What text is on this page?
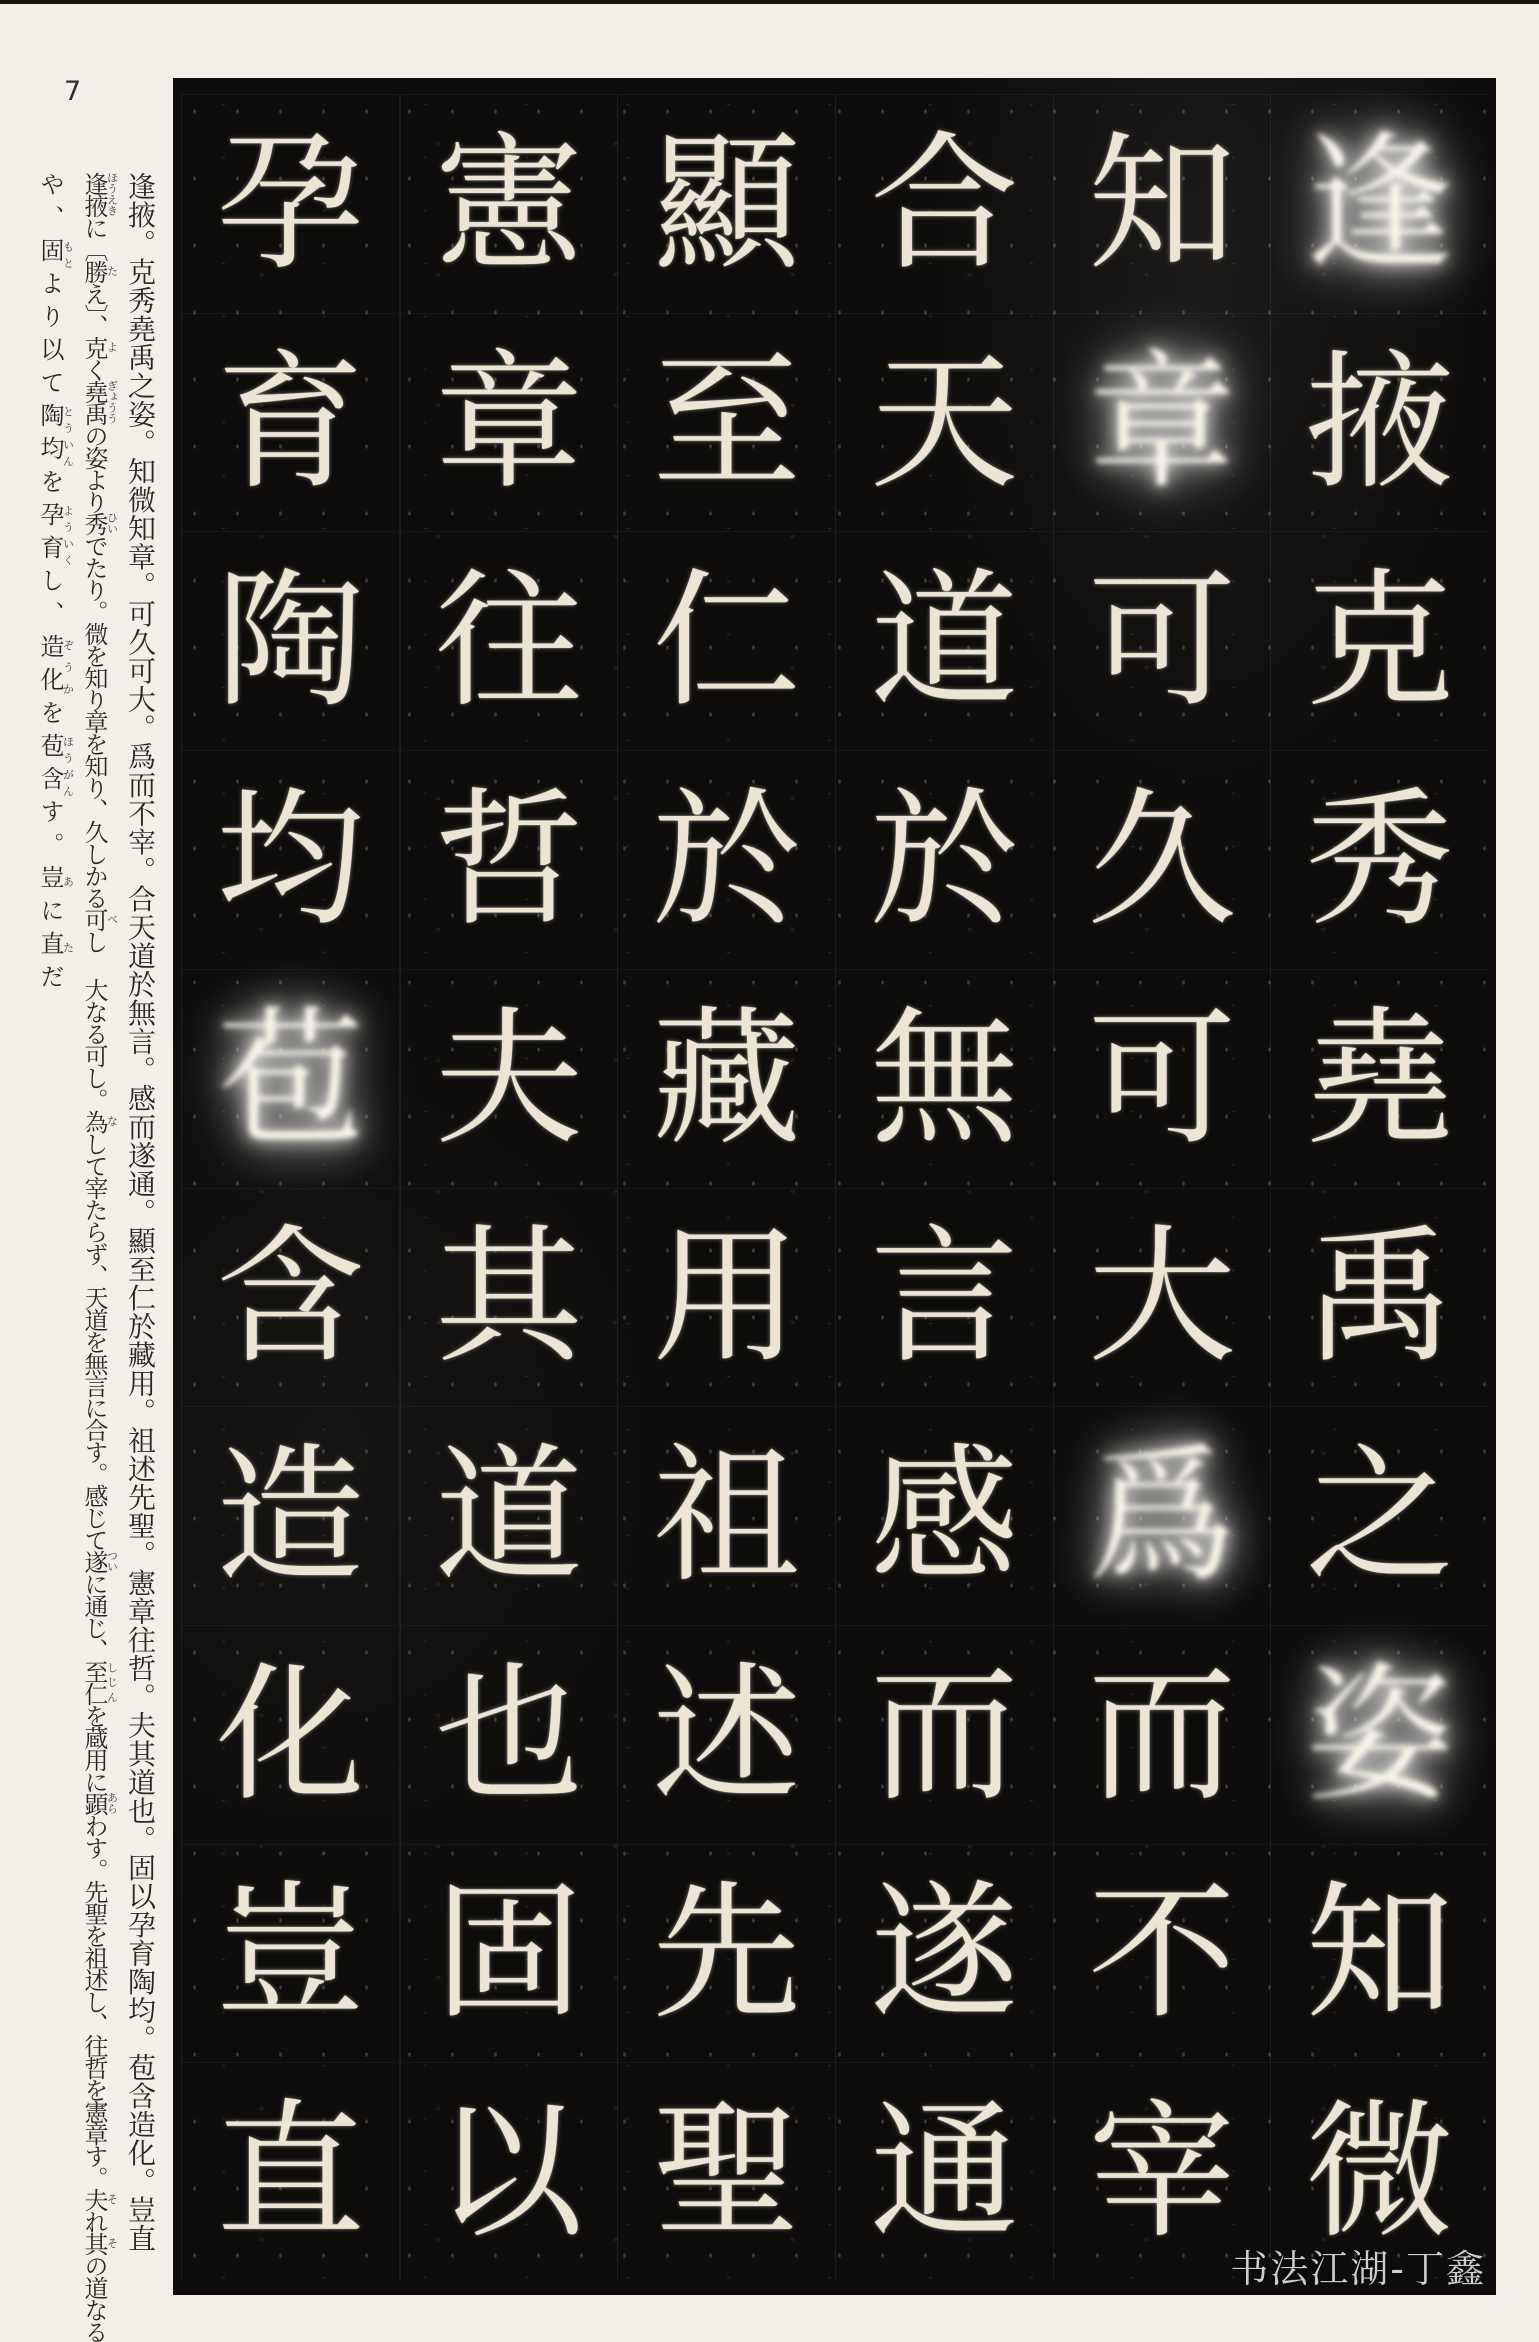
7
逢掖。克秀堯禹之姿。知微知章。可久可大。爲而不宰。合天道於無言。感而遂通。顯至仁於藏用。祖述先聖。憲章往哲。夫其道也。固以孕育陶均。苞含造化。豈直
逢掖ほうえきに〔勝たえ〕、克よく堯禹ぎょううの姿より秀ひいでたり。微を知り章を知り、久しかる可べし 大なる可し。為なして宰たらず、天道を無言に合す。感じて遂ついに通じ、至仁しじんを蔵用に顕あらわす。先聖を祖述し、往哲を憲章す。夫それ其その道なる
や、固もとより以て陶均とういんを孕育よういくし、造化ぞうかを苞含ほうがんす。豈あに直ただ
逢
掖
克
秀
堯
禹
之
姿
知
微
知
章
可
久
可
大
爲
而
不
宰
合
天
道
於
無
言
感
而
遂
通
顯
至
仁
於
藏
用
祖
述
先
聖
憲
章
往
哲
夫
其
道
也
固
以
孕
育
陶
均
苞
含
造
化
豈
直
书法江湖-丁鑫
